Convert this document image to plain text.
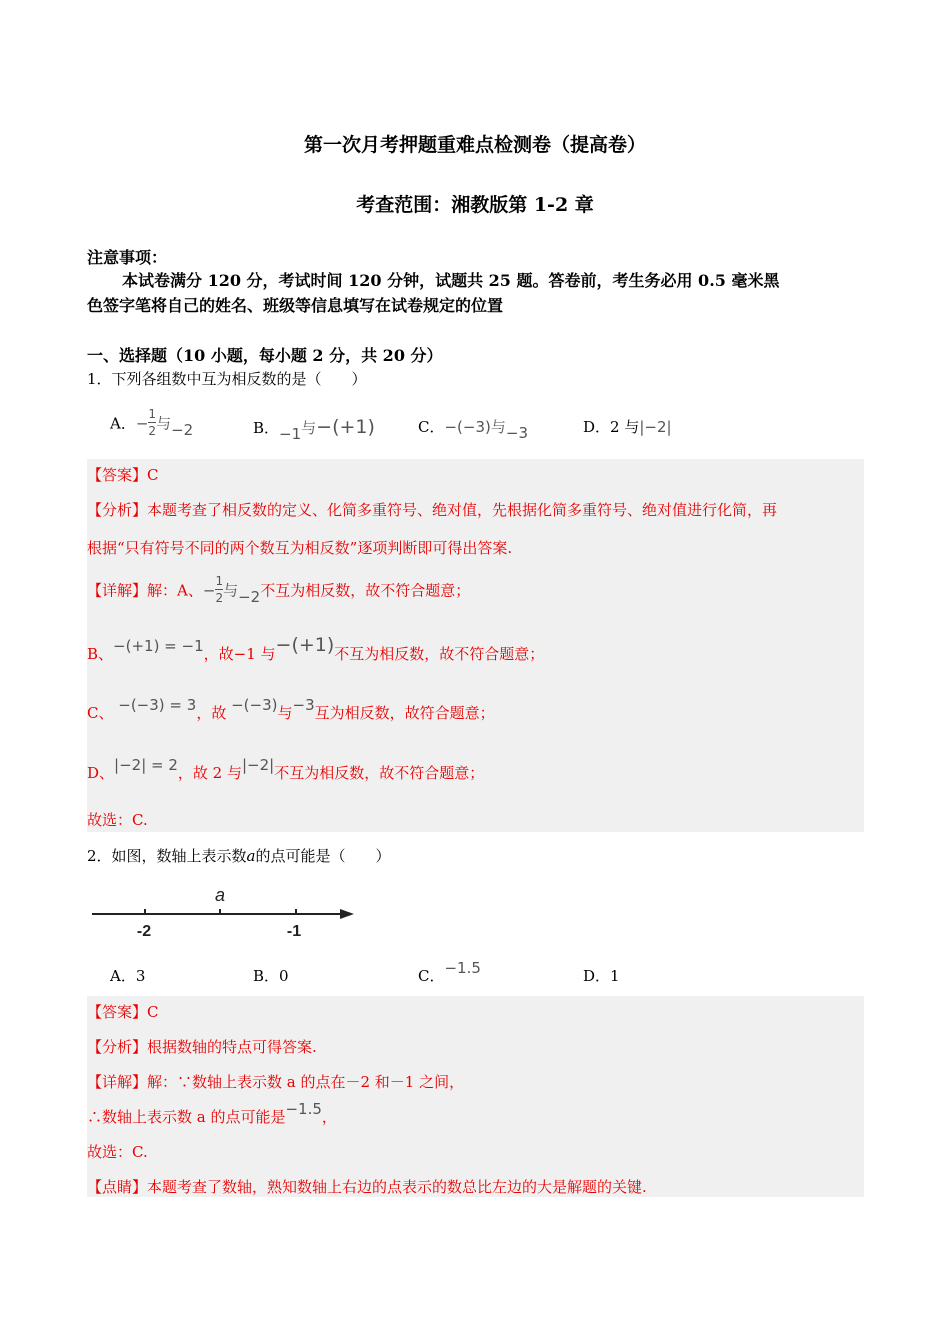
第一次月考押题重难点检测卷（提高卷）
考查范围：湘教版第 1-2 章
注意事项：
本试卷满分 120 分，考试时间 120 分钟，试题共 25 题。答卷前，考生务必用 0.5 毫米黑
色签字笔将自己的姓名、班级等信息填写在试卷规定的位置
一、选择题（10 小题，每小题 2 分，共 20 分）
1．下列各组数中互为相反数的是（　　）
A．− $\frac{1}{2}$ 与−2	B．−1与−(+1)	C．−(−3)与−3	D．2 与|−2|
【答案】C
【分析】本题考查了相反数的定义、化简多重符号、绝对值，先根据化简多重符号、绝对值进行化简，再
根据“只有符号不同的两个数互为相反数”逐项判断即可得出答案.
【详解】解：A、− $\frac{1}{2}$ 与−2不互为相反数，故不符合题意；
B、−(+1) = −1，故−1 与−(+1)不互为相反数，故不符合题意；
C、 −(−3) = 3，故 −(−3)与−3互为相反数，故符合题意；
D、|−2| = 2，故 2 与|−2|不互为相反数，故不符合题意；
故选：C.
2．如图，数轴上表示数a的点可能是（　　）
a
-2	-1
A．3	B．0	C．−1.5	D．1
【答案】C
【分析】根据数轴的特点可得答案.
【详解】解：∵数轴上表示数 a 的点在－2 和－1 之间，
∴数轴上表示数 a 的点可能是−1.5，
故选：C.
【点睛】本题考查了数轴，熟知数轴上右边的点表示的数总比左边的大是解题的关键.
